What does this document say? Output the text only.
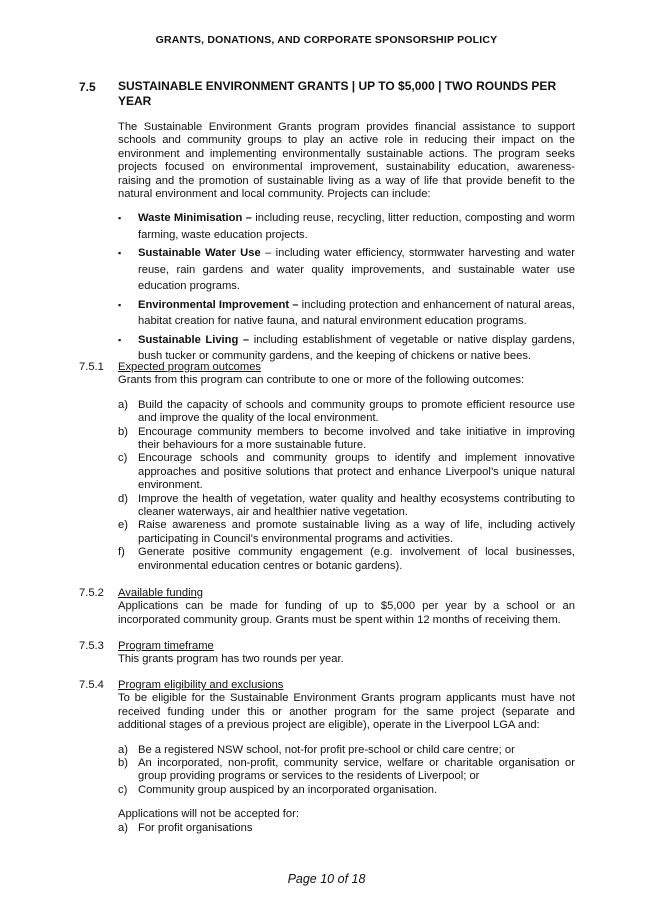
GRANTS, DONATIONS, AND CORPORATE SPONSORSHIP POLICY
7.5 SUSTAINABLE ENVIRONMENT GRANTS | UP TO $5,000 | TWO ROUNDS PER YEAR
The Sustainable Environment Grants program provides financial assistance to support schools and community groups to play an active role in reducing their impact on the environment and implementing environmentally sustainable actions. The program seeks projects focused on environmental improvement, sustainability education, awareness-raising and the promotion of sustainable living as a way of life that provide benefit to the natural environment and local community. Projects can include:
▪ Waste Minimisation – including reuse, recycling, litter reduction, composting and worm farming, waste education projects.
▪ Sustainable Water Use – including water efficiency, stormwater harvesting and water reuse, rain gardens and water quality improvements, and sustainable water use education programs.
▪ Environmental Improvement – including protection and enhancement of natural areas, habitat creation for native fauna, and natural environment education programs.
▪ Sustainable Living – including establishment of vegetable or native display gardens, bush tucker or community gardens, and the keeping of chickens or native bees.
7.5.1 Expected program outcomes
Grants from this program can contribute to one or more of the following outcomes:
a) Build the capacity of schools and community groups to promote efficient resource use and improve the quality of the local environment.
b) Encourage community members to become involved and take initiative in improving their behaviours for a more sustainable future.
c) Encourage schools and community groups to identify and implement innovative approaches and positive solutions that protect and enhance Liverpool’s unique natural environment.
d) Improve the health of vegetation, water quality and healthy ecosystems contributing to cleaner waterways, air and healthier native vegetation.
e) Raise awareness and promote sustainable living as a way of life, including actively participating in Council’s environmental programs and activities.
f) Generate positive community engagement (e.g. involvement of local businesses, environmental education centres or botanic gardens).
7.5.2 Available funding
Applications can be made for funding of up to $5,000 per year by a school or an incorporated community group. Grants must be spent within 12 months of receiving them.
7.5.3 Program timeframe
This grants program has two rounds per year.
7.5.4 Program eligibility and exclusions
To be eligible for the Sustainable Environment Grants program applicants must have not received funding under this or another program for the same project (separate and additional stages of a previous project are eligible), operate in the Liverpool LGA and:
a) Be a registered NSW school, not-for profit pre-school or child care centre; or
b) An incorporated, non-profit, community service, welfare or charitable organisation or group providing programs or services to the residents of Liverpool; or
c) Community group auspiced by an incorporated organisation.
Applications will not be accepted for:
a) For profit organisations
Page 10 of 18
